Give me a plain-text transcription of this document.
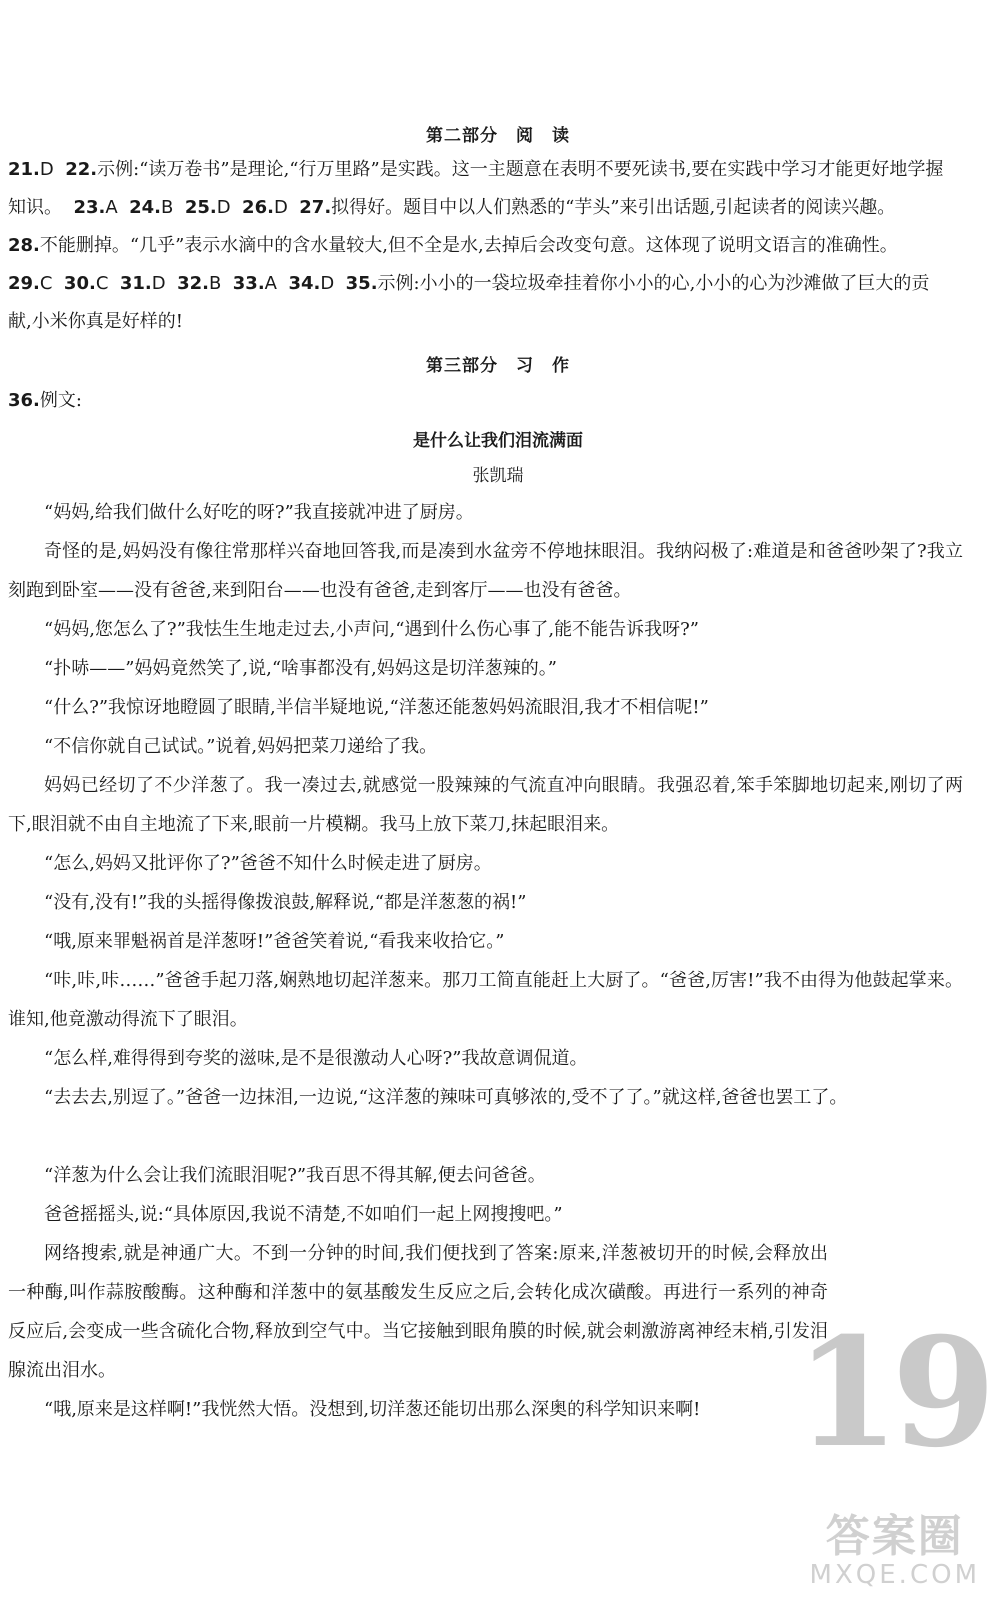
第二部分　阅　读
21.D 22.示例:“读万卷书”是理论,“行万里路”是实践。这一主题意在表明不要死读书,要在实践中学习才能更好地学握
知识。 23.A 24.B 25.D 26.D 27.拟得好。题目中以人们熟悉的“芋头”来引出话题,引起读者的阅读兴趣。
28.不能删掉。“几乎”表示水滴中的含水量较大,但不全是水,去掉后会改变句意。这体现了说明文语言的准确性。
29.C 30.C 31.D 32.B 33.A 34.D 35.示例:小小的一袋垃圾牵挂着你小小的心,小小的心为沙滩做了巨大的贡
献,小米你真是好样的!
第三部分　习　作
36.例文:
是什么让我们泪流满面
张凯瑞
“妈妈,给我们做什么好吃的呀?”我直接就冲进了厨房。
奇怪的是,妈妈没有像往常那样兴奋地回答我,而是凑到水盆旁不停地抹眼泪。我纳闷极了:难道是和爸爸吵架了?我立刻跑到卧室——没有爸爸,来到阳台——也没有爸爸,走到客厅——也没有爸爸。
“妈妈,您怎么了?”我怯生生地走过去,小声问,“遇到什么伤心事了,能不能告诉我呀?”
“扑哧——”妈妈竟然笑了,说,“啥事都没有,妈妈这是切洋葱辣的。”
“什么?”我惊讶地瞪圆了眼睛,半信半疑地说,“洋葱还能葱妈妈流眼泪,我才不相信呢!”
“不信你就自己试试。”说着,妈妈把菜刀递给了我。
妈妈已经切了不少洋葱了。我一凑过去,就感觉一股辣辣的气流直冲向眼睛。我强忍着,笨手笨脚地切起来,刚切了两下,眼泪就不由自主地流了下来,眼前一片模糊。我马上放下菜刀,抹起眼泪来。
“怎么,妈妈又批评你了?”爸爸不知什么时候走进了厨房。
“没有,没有!”我的头摇得像拨浪鼓,解释说,“都是洋葱葱的祸!”
“哦,原来罪魁祸首是洋葱呀!”爸爸笑着说,“看我来收拾它。”
“咔,咔,咔……”爸爸手起刀落,娴熟地切起洋葱来。那刀工简直能赶上大厨了。“爸爸,厉害!”我不由得为他鼓起掌来。谁知,他竟激动得流下了眼泪。
“怎么样,难得得到夸奖的滋味,是不是很激动人心呀?”我故意调侃道。
“去去去,别逗了。”爸爸一边抹泪,一边说,“这洋葱的辣味可真够浓的,受不了了。”就这样,爸爸也罢工了。
“洋葱为什么会让我们流眼泪呢?”我百思不得其解,便去问爸爸。
爸爸摇摇头,说:“具体原因,我说不清楚,不如咱们一起上网搜搜吧。”
网络搜索,就是神通广大。不到一分钟的时间,我们便找到了答案:原来,洋葱被切开的时候,会释放出一种酶,叫作蒜胺酸酶。这种酶和洋葱中的氨基酸发生反应之后,会转化成次磺酸。再进行一系列的神奇反应后,会变成一些含硫化合物,释放到空气中。当它接触到眼角膜的时候,就会刺激游离神经末梢,引发泪腺流出泪水。
“哦,原来是这样啊!”我恍然大悟。没想到,切洋葱还能切出那么深奥的科学知识来啊! 19
答案圈
MXQE.COM
